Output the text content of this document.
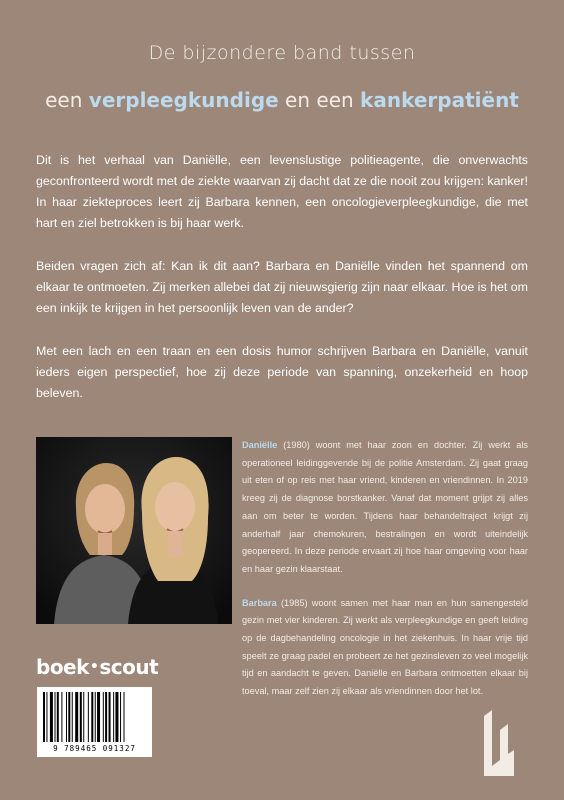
De bijzondere band tussen
een verpleegkundige en een kankerpatiënt

Dit is het verhaal van Daniëlle, een levenslustige politieagente, die onverwachts geconfronteerd wordt met de ziekte waarvan zij dacht dat ze die nooit zou krijgen: kanker! In haar ziekteproces leert zij Barbara kennen, een oncologieverpleegkundige, die met hart en ziel betrokken is bij haar werk.

Beiden vragen zich af: Kan ik dit aan? Barbara en Daniëlle vinden het spannend om elkaar te ontmoeten. Zij merken allebei dat zij nieuwsgierig zijn naar elkaar. Hoe is het om een inkijk te krijgen in het persoonlijk leven van de ander?

Met een lach en een traan en een dosis humor schrijven Barbara en Daniëlle, vanuit ieders eigen perspectief, hoe zij deze periode van spanning, onzekerheid en hoop beleven.

Daniëlle (1980) woont met haar zoon en dochter. Zij werkt als operationeel leidinggevende bij de politie Amsterdam. Zij gaat graag uit eten of op reis met haar vriend, kinderen en vriendinnen. In 2019 kreeg zij de diagnose borstkanker. Vanaf dat moment grijpt zij alles aan om beter te worden. Tijdens haar behandeltraject krijgt zij anderhalf jaar chemokuren, bestralingen en wordt uiteindelijk geopereerd. In deze periode ervaart zij hoe haar omgeving voor haar en haar gezin klaarstaat.

Barbara (1985) woont samen met haar man en hun samengesteld gezin met vier kinderen. Zij werkt als verpleegkundige en geeft leiding op de dagbehandeling oncologie in het ziekenhuis. In haar vrije tijd speelt ze graag padel en probeert ze het gezinsleven zo veel mogelijk tijd en aandacht te geven. Daniëlle en Barbara ontmoetten elkaar bij toeval, maar zelf zien zij elkaar als vriendinnen door het lot.

boek•scout
9 789465 091327
